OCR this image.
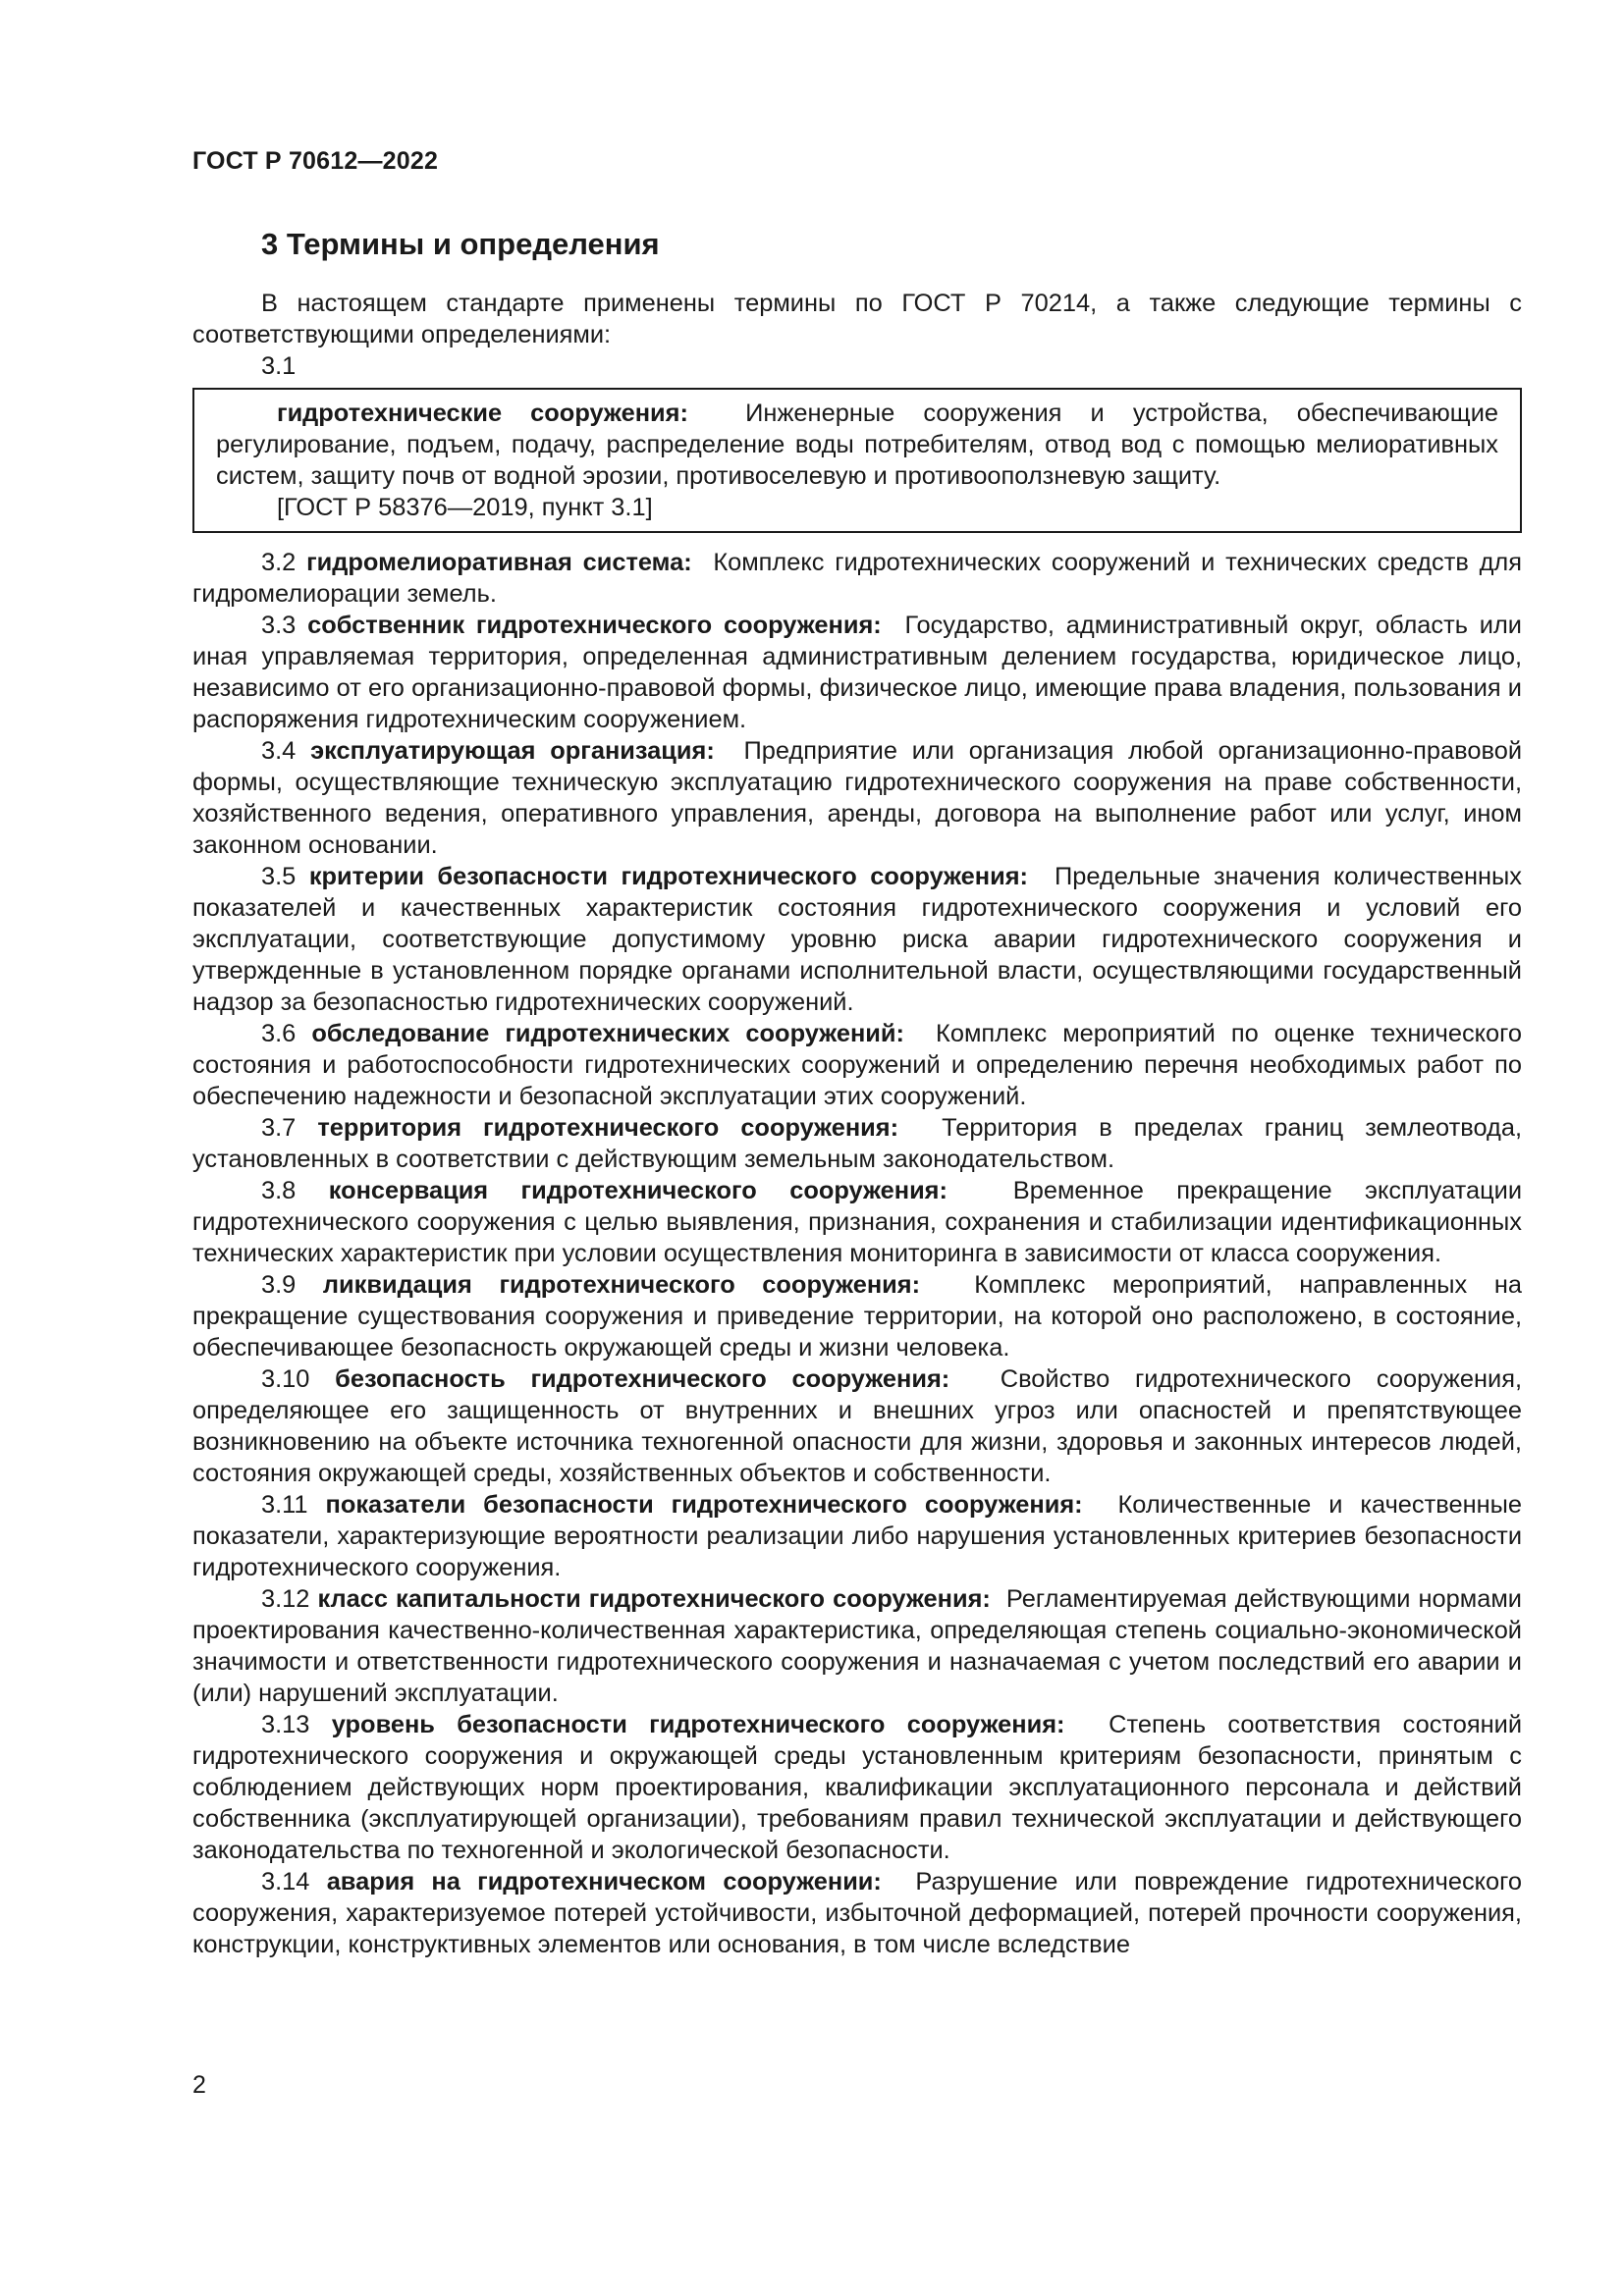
ГОСТ Р 70612—2022
3 Термины и определения

В настоящем стандарте применены термины по ГОСТ Р 70214, а также следующие термины с соответствующими определениями:

3.1

гидротехнические сооружения: Инженерные сооружения и устройства, обеспечивающие регулирование, подъем, подачу, распределение воды потребителям, отвод вод с помощью мелиоративных систем, защиту почв от водной эрозии, противоселевую и противооползневую защиту.

[ГОСТ Р 58376—2019, пункт 3.1]

3.2 гидромелиоративная система: Комплекс гидротехнических сооружений и технических средств для гидромелиорации земель.

3.3 собственник гидротехнического сооружения: Государство, административный округ, область или иная управляемая территория, определенная административным делением государства, юридическое лицо, независимо от его организационно-правовой формы, физическое лицо, имеющие права владения, пользования и распоряжения гидротехническим сооружением.

3.4 эксплуатирующая организация: Предприятие или организация любой организационно-правовой формы, осуществляющие техническую эксплуатацию гидротехнического сооружения на праве собственности, хозяйственного ведения, оперативного управления, аренды, договора на выполнение работ или услуг, ином законном основании.

3.5 критерии безопасности гидротехнического сооружения: Предельные значения количественных показателей и качественных характеристик состояния гидротехнического сооружения и условий его эксплуатации, соответствующие допустимому уровню риска аварии гидротехнического сооружения и утвержденные в установленном порядке органами исполнительной власти, осуществляющими государственный надзор за безопасностью гидротехнических сооружений.

3.6 обследование гидротехнических сооружений: Комплекс мероприятий по оценке технического состояния и работоспособности гидротехнических сооружений и определению перечня необходимых работ по обеспечению надежности и безопасной эксплуатации этих сооружений.

3.7 территория гидротехнического сооружения: Территория в пределах границ землеотвода, установленных в соответствии с действующим земельным законодательством.

3.8 консервация гидротехнического сооружения:	Временное прекращение эксплуатации гидротехнического сооружения с целью выявления, признания, сохранения и стабилизации идентификационных технических характеристик при условии осуществления мониторинга в зависимости от класса сооружения.

3.9 ликвидация гидротехнического сооружения: Комплекс мероприятий, направленных на прекращение существования сооружения и приведение территории, на которой оно расположено, в состояние, обеспечивающее безопасность окружающей среды и жизни человека.

3.10 безопасность гидротехнического сооружения: Свойство гидротехнического сооружения, определяющее его защищенность от внутренних и внешних угроз или опасностей и препятствующее возникновению на объекте источника техногенной опасности для жизни, здоровья и законных интересов людей, состояния окружающей среды, хозяйственных объектов и собственности.

3.11 показатели безопасности гидротехнического сооружения: Количественные и качественные показатели, характеризующие вероятности реализации либо нарушения установленных критериев безопасности гидротехнического сооружения.

3.12 класс капитальности гидротехнического сооружения: Регламентируемая действующими нормами проектирования качественно-количественная характеристика, определяющая степень социально-экономической значимости и ответственности гидротехнического сооружения и назначаемая с учетом последствий его аварии и (или) нарушений эксплуатации.

3.13 уровень безопасности гидротехнического сооружения: Степень соответствия состояний гидротехнического сооружения и окружающей среды установленным критериям безопасности, принятым с соблюдением действующих норм проектирования, квалификации эксплуатационного персонала и действий собственника (эксплуатирующей организации), требованиям правил технической эксплуатации и действующего законодательства по техногенной и экологической безопасности.

3.14 авария на гидротехническом сооружении: Разрушение или повреждение гидротехнического сооружения, характеризуемое потерей устойчивости, избыточной деформацией, потерей прочности сооружения, конструкции, конструктивных элементов или основания, в том числе вследствие

2
